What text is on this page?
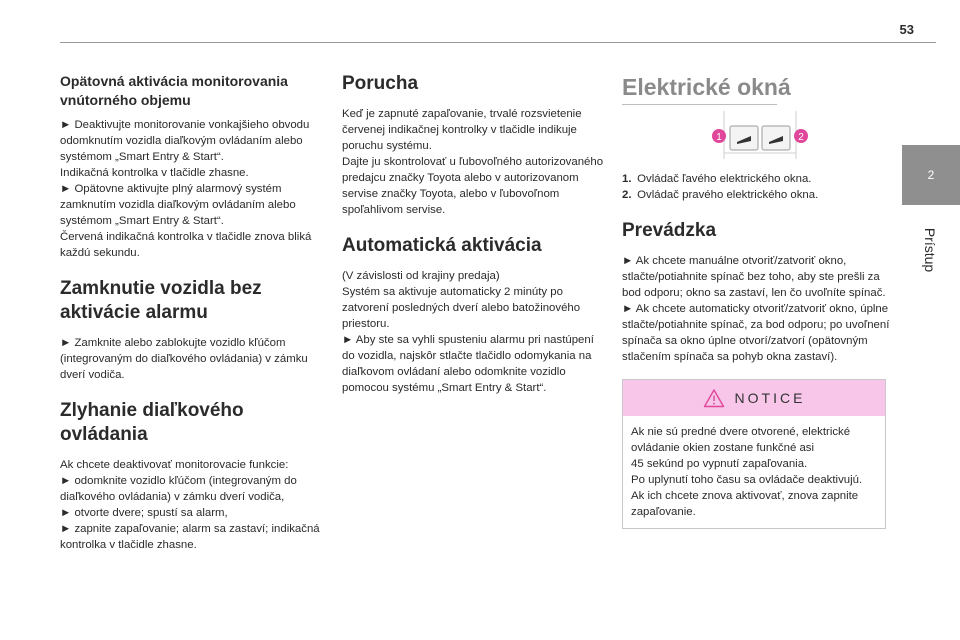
53
2
Prístup
Opätovná aktivácia monitorovania vnútorného objemu

► Deaktivujte monitorovanie vonkajšieho obvodu odomknutím vozidla diaľkovým ovládaním alebo systémom „Smart Entry & Start“.
Indikačná kontrolka v tlačidle zhasne.
► Opätovne aktivujte plný alarmový systém zamknutím vozidla diaľkovým ovládaním alebo systémom „Smart Entry & Start“.
Červená indikačná kontrolka v tlačidle znova bliká každú sekundu.

Zamknutie vozidla bez aktivácie alarmu

► Zamknite alebo zablokujte vozidlo kľúčom (integrovaným do diaľkového ovládania) v zámku dverí vodiča.

Zlyhanie diaľkového ovládania

Ak chcete deaktivovať monitorovacie funkcie:
► odomknite vozidlo kľúčom (integrovaným do diaľkového ovládania) v zámku dverí vodiča,
► otvorte dvere; spustí sa alarm,
► zapnite zapaľovanie; alarm sa zastaví; indikačná kontrolka v tlačidle zhasne.

Porucha

Keď je zapnuté zapaľovanie, trvalé rozsvietenie červenej indikačnej kontrolky v tlačidle indikuje poruchu systému.
Dajte ju skontrolovať u ľubovoľného autorizovaného predajcu značky Toyota alebo v autorizovanom servise značky Toyota, alebo v ľubovoľnom spoľahlivom servise.

Automatická aktivácia

(V závislosti od krajiny predaja)
Systém sa aktivuje automaticky 2 minúty po zatvorení posledných dverí alebo batožinového priestoru.
► Aby ste sa vyhli spusteniu alarmu pri nastúpení do vozidla, najskôr stlačte tlačidlo odomykania na diaľkovom ovládaní alebo odomknite vozidlo pomocou systému „Smart Entry & Start“.

Elektrické okná
1	2
1. Ovládač ľavého elektrického okna.
2. Ovládač pravého elektrického okna.
Prevádzka

► Ak chcete manuálne otvoriť/zatvoriť okno, stlačte/potiahnite spínač bez toho, aby ste prešli za bod odporu; okno sa zastaví, len čo uvoľníte spínač.
► Ak chcete automaticky otvoriť/zatvoriť okno, úplne stlačte/potiahnite spínač, za bod odporu; po uvoľnení spínača sa okno úplne otvorí/zatvorí (opätovným stlačením spínača sa pohyb okna zastaví).

NOTICE

Ak nie sú predné dvere otvorené, elektrické ovládanie okien zostane funkčné asi
45 sekúnd po vypnutí zapaľovania.
Po uplynutí toho času sa ovládače deaktivujú.
Ak ich chcete znova aktivovať, znova zapnite zapaľovanie.
